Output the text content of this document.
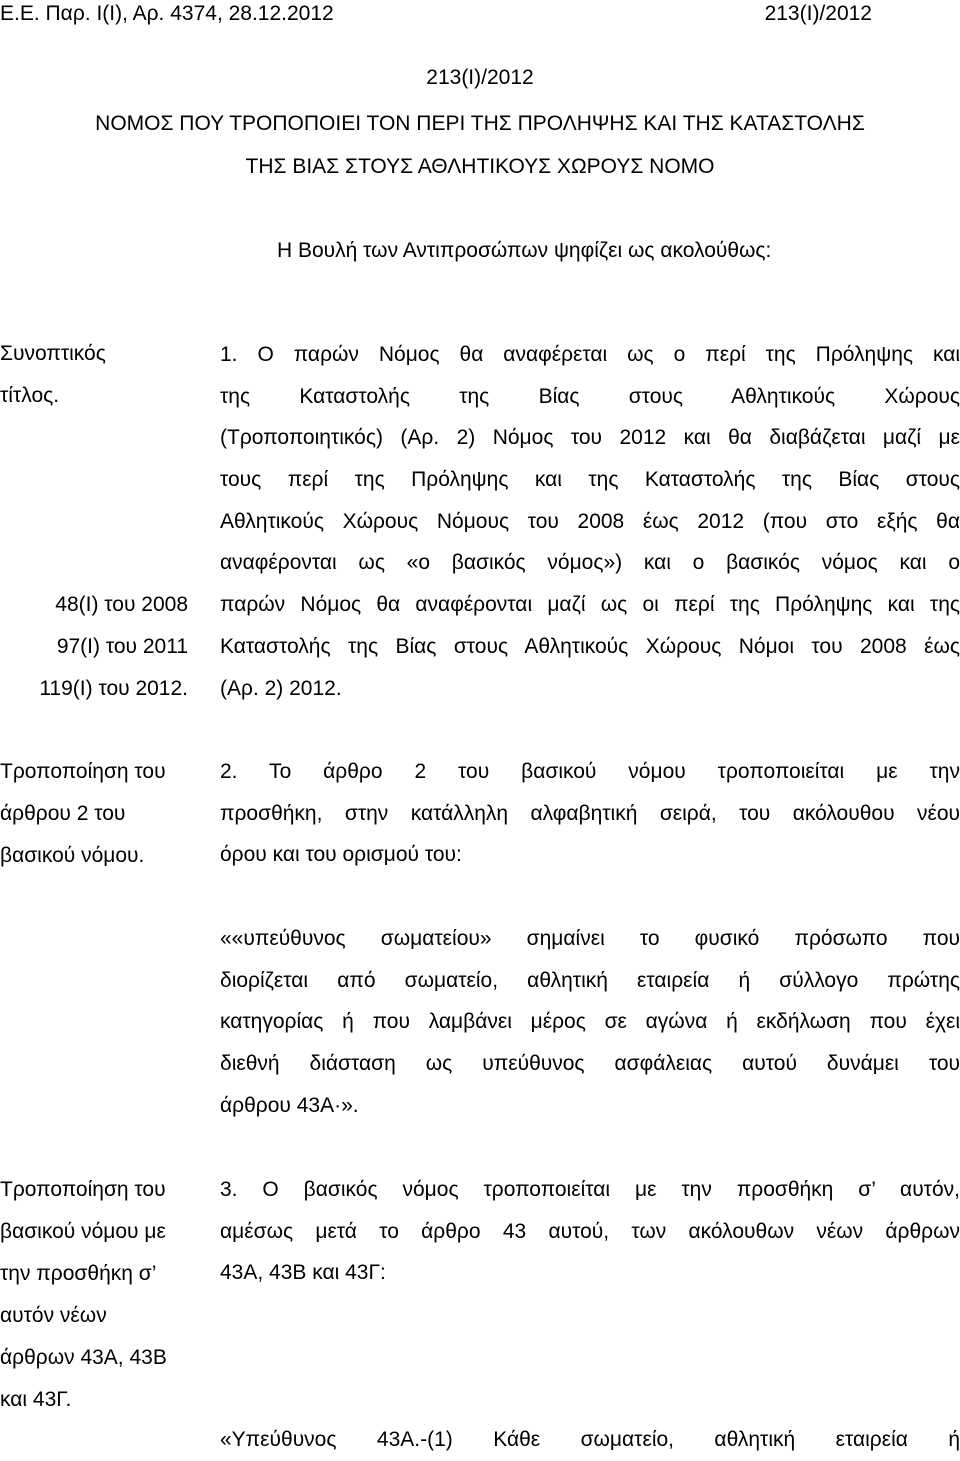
Ε.Ε. Παρ. Ι(Ι), Αρ. 4374, 28.12.2012	213(Ι)/2012
213(Ι)/2012
ΝΟΜΟΣ ΠΟΥ ΤΡΟΠΟΠΟΙΕΙ ΤΟΝ ΠΕΡΙ ΤΗΣ ΠΡΟΛΗΨΗΣ ΚΑΙ ΤΗΣ ΚΑΤΑΣΤΟΛΗΣ
ΤΗΣ ΒΙΑΣ ΣΤΟΥΣ ΑΘΛΗΤΙΚΟΥΣ ΧΩΡΟΥΣ ΝΟΜΟ
Η Βουλή των Αντιπροσώπων ψηφίζει ως ακολούθως:
Συνοπτικός
τίτλος.
48(Ι) του 2008
97(Ι) του 2011
119(Ι) του 2012.
1. Ο παρών Νόμος θα αναφέρεται ως ο περί της Πρόληψης και
της Καταστολής της Βίας στους Αθλητικούς Χώρους
(Τροποποιητικός) (Αρ. 2) Νόμος του 2012 και θα διαβάζεται μαζί με
τους περί της Πρόληψης και της Καταστολής της Βίας στους
Αθλητικούς Χώρους Νόμους του 2008 έως 2012 (που στο εξής θα
αναφέρονται ως «ο βασικός νόμος») και ο βασικός νόμος και ο
παρών Νόμος θα αναφέρονται μαζί ως οι περί της Πρόληψης και της
Καταστολής της Βίας στους Αθλητικούς Χώρους Νόμοι του 2008 έως
(Αρ. 2) 2012.
Τροποποίηση του
άρθρου 2 του
βασικού νόμου.
2. Το άρθρο 2 του βασικού νόμου τροποποιείται με την
προσθήκη, στην κατάλληλη αλφαβητική σειρά, του ακόλουθου νέου
όρου και του ορισμού του:
««υπεύθυνος σωματείου» σημαίνει το φυσικό πρόσωπο που
διορίζεται από σωματείο, αθλητική εταιρεία ή σύλλογο πρώτης
κατηγορίας ή που λαμβάνει μέρος σε αγώνα ή εκδήλωση που έχει
διεθνή διάσταση ως υπεύθυνος ασφάλειας αυτού δυνάμει του
άρθρου 43Α·».
Τροποποίηση του
βασικού νόμου με
την προσθήκη σ’
αυτόν νέων
άρθρων 43Α, 43Β
και 43Γ.
3. Ο βασικός νόμος τροποποιείται με την προσθήκη σ’ αυτόν,
αμέσως μετά το άρθρο 43 αυτού, των ακόλουθων νέων άρθρων
43Α, 43Β και 43Γ:
«Υπεύθυνος 43Α.-(1) Κάθε σωματείο, αθλητική εταιρεία ή
